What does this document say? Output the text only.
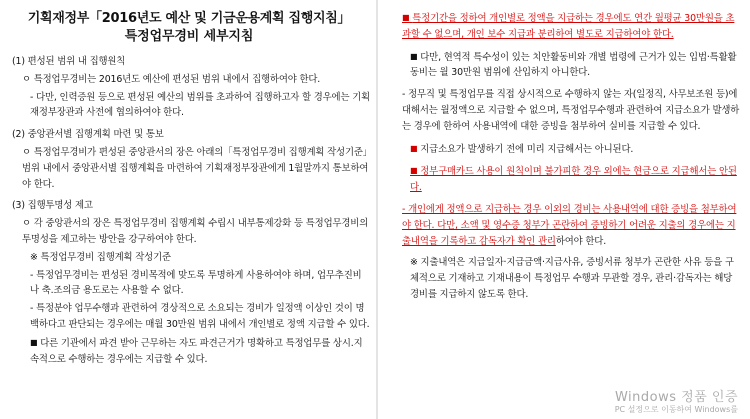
기획재정부「2016년도 예산 및 기금운용계획 집행지침」
특정업무경비 세부지침
(1) 편성된 범위 내 집행원칙
ㅇ 특정업무경비는 2016년도 예산에 편성된 범위 내에서 집행하여야 한다.
- 다만, 인력증원 등으로 편성된 예산의 범위를 초과하여 집행하고자 할 경우에는 기획재정부장관과 사전에 협의하여야 한다.
(2) 중앙관서별 집행계획 마련 및 통보
ㅇ 특정업무경비가 편성된 중앙관서의 장은 아래의「특정업무경비 집행계획 작성기준」범위 내에서 중앙관서별 집행계획을 마련하여 기획재정부장관에게 1월말까지 통보하여야 한다.
(3) 집행투명성 제고
ㅇ 각 중앙관서의 장은 특정업무경비 집행계획 수립시 내부통제강화 등 특정업무경비의 투명성을 제고하는 방안을 강구하여야 한다.
※ 특정업무경비 집행계획 작성기준
- 특정업무경비는 편성된 경비목적에 맞도록 투명하게 사용하여야 하며, 업무추진비나 축.조의금 용도로는 사용할 수 없다.
- 특정분야 업무수행과 관련하여 경상적으로 소요되는 경비가 일정액 이상인 것이 명백하다고 판단되는 경우에는 매월 30만원 범위 내에서 개인별로 정액 지급할 수 있다.
■ 다른 기관에서 파견 받아 근무하는 자도 파견근거가 명확하고 특정업무를 상시.지속적으로 수행하는 경우에는 지급할 수 있다.
■ 특정기간을 정하여 개인별로 정액을 지급하는 경우에도 연간 월평균 30만원을 초과할 수 없으며, 개인 보수 지급과 분리하여 별도로 지급하여야 한다.
■ 다만, 현역적 특수성이 있는 치안활동비와 개별 법령에 근거가 있는 입법·특활활동비는 월 30만원 범위에 산입하지 아니한다.
- 정무직 및 특정업무를 직접 상시적으로 수행하지 않는 자(일정직, 사무보조원 등)에 대해서는 월정액으로 지급할 수 없으며, 특정업무수행과 관련하여 지급소요가 발생하는 경우에 한하여 사용내역에 대한 증빙을 첨부하여 실비를 지급할 수 있다.
■ 지급소요가 발생하기 전에 미리 지급해서는 아니된다.
■ 정부구매카드 사용이 원칙이며 불가피한 경우 외에는 현금으로 지급해서는 안된다.
- 개인에게 정액으로 지급하는 경우 이외의 경비는 사용내역에 대한 증빙을 첨부하여야 한다. 다만, 소액 및 영수증 청부가 곤란하여 증빙하기 어려운 지출의 경우에는 지출내역을 기록하고 감독자가 확인 관리하여야 한다.
※ 지출내역은 지급일자·지급금액·지급사유, 증빙서류 청부가 곤란한 사유 등을 구체적으로 기재하고 기재내용이 특정업무 수행과 무관할 경우, 관리·감독자는 해당 경비를 지급하지 않도록 한다.
Windows 정품 인증
PC 설정으로 이동하여 Windows를
